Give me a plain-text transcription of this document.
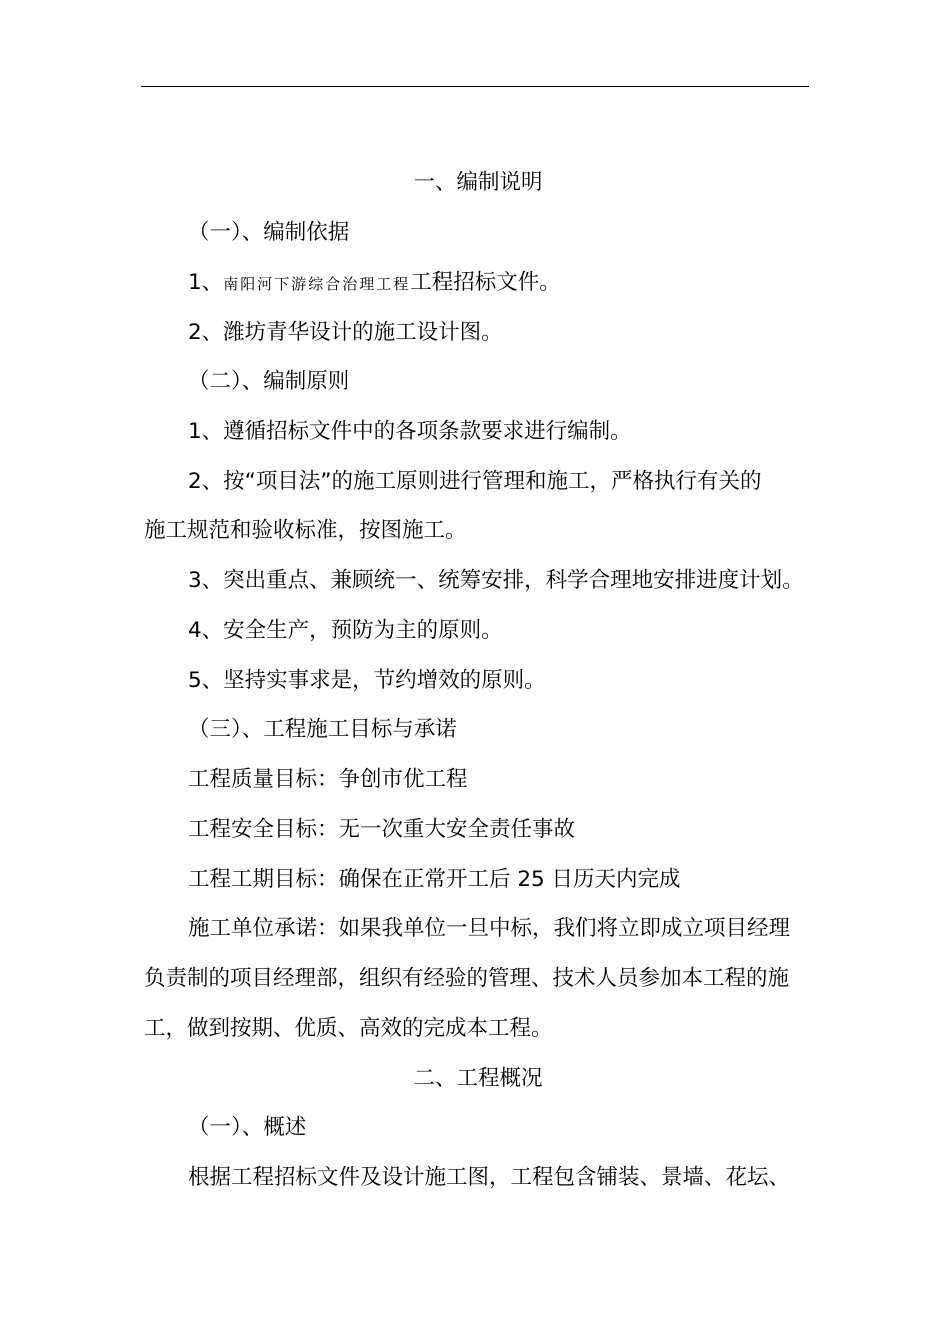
一、编制说明
（一）、编制依据
1、南阳河下游综合治理工程工程招标文件。
2、潍坊青华设计的施工设计图。
（二）、编制原则
1、遵循招标文件中的各项条款要求进行编制。
2、按“项目法”的施工原则进行管理和施工，严格执行有关的
施工规范和验收标准，按图施工。
3、突出重点、兼顾统一、统筹安排，科学合理地安排进度计划。
4、安全生产，预防为主的原则。
5、坚持实事求是，节约增效的原则。
（三）、工程施工目标与承诺
工程质量目标：争创市优工程
工程安全目标：无一次重大安全责任事故
工程工期目标：确保在正常开工后 25 日历天内完成
施工单位承诺：如果我单位一旦中标，我们将立即成立项目经理
负责制的项目经理部，组织有经验的管理、技术人员参加本工程的施
工，做到按期、优质、高效的完成本工程。
二、工程概况
（一）、概述
根据工程招标文件及设计施工图，工程包含铺装、景墙、花坛、
